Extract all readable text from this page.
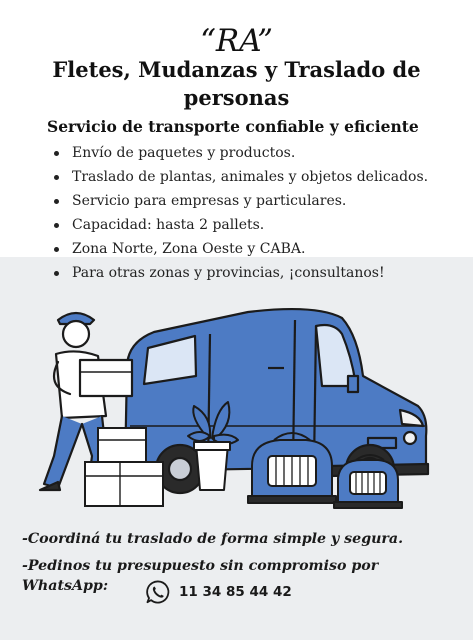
“RA”
Fletes, Mudanzas y Traslado de personas
Servicio de transporte confiable y eficiente
Envío de paquetes y productos.
Traslado de plantas, animales y objetos delicados.
Servicio para empresas y particulares.
Capacidad: hasta 2 pallets.
Zona Norte, Zona Oeste y CABA.
Para otras zonas y provincias, ¡consultanos!
-Coordiná tu traslado de forma simple y segura.
-Pedinos tu presupuesto sin compromiso por WhatsApp:	11 34 85 44 42
